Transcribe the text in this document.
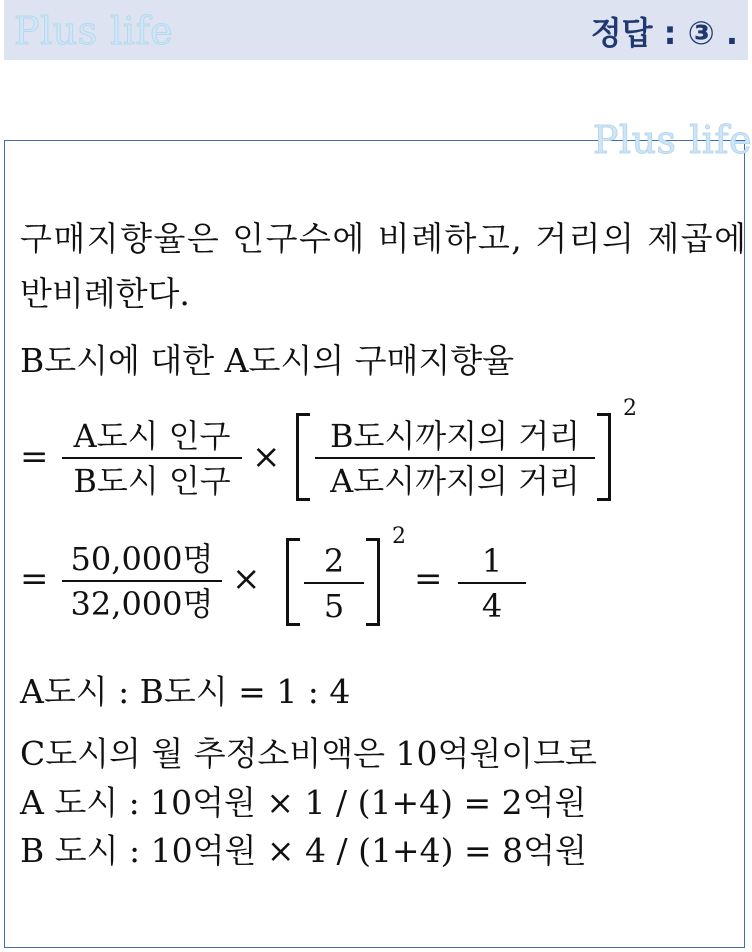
Plus life	정답 : ③ .
Plus life
구매지향율은 인구수에 비례하고, 거리의 제곱에
반비례한다.
B도시에 대한 A도시의 구매지향율
=
A도시 인구
B도시 인구
×
B도시까지의 거리
A도시까지의 거리
2
= 50,000명
32,000명
×	2
5
2
=	1
4
A도시 : B도시 = 1 : 4
C도시의 월 추정소비액은 10억원이므로
A 도시 : 10억원 × 1 / (1+4) = 2억원
B 도시 : 10억원 × 4 / (1+4) = 8억원
